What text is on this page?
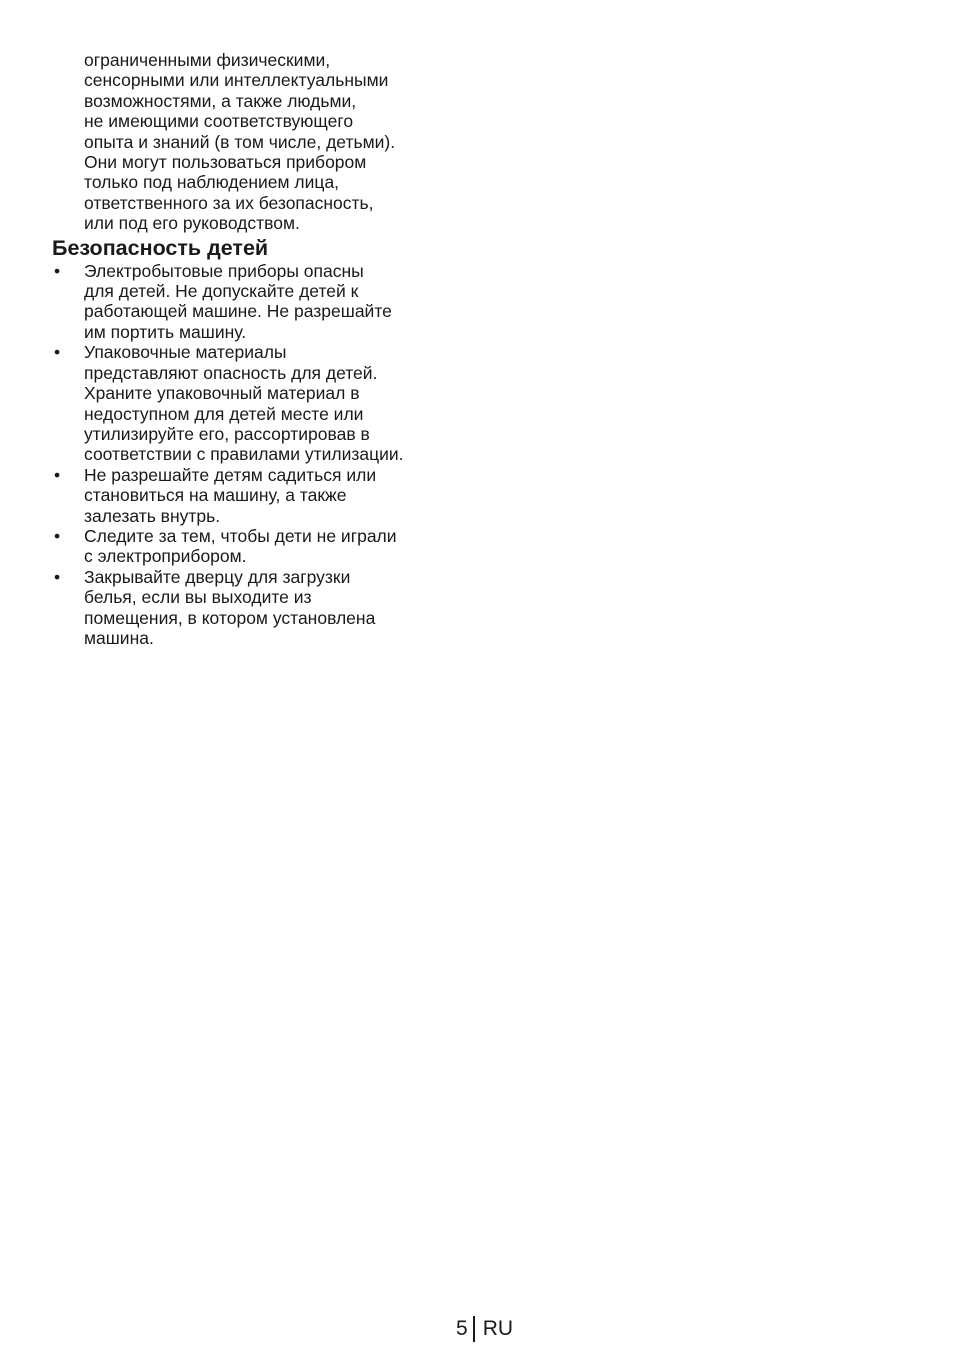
ограниченными физическими,
сенсорными или интеллектуальными
возможностями, а также людьми,
не имеющими соответствующего
опыта и знаний (в том числе, детьми).
Они могут пользоваться прибором
только под наблюдением лица,
ответственного за их безопасность,
или под его руководством.

Безопасность детей
• Электробытовые приборы опасны
для детей. Не допускайте детей к
работающей машине. Не разрешайте
им портить машину.
• Упаковочные материалы
представляют опасность для детей.
Храните упаковочный материал в
недоступном для детей месте или
утилизируйте его, рассортировав в
соответствии с правилами утилизации.
• Не разрешайте детям садиться или
становиться на машину, а также
залезать внутрь.
• Следите за тем, чтобы дети не играли
с электроприбором.
• Закрывайте дверцу для загрузки
белья, если вы выходите из
помещения, в котором установлена
машина.
5 RU
